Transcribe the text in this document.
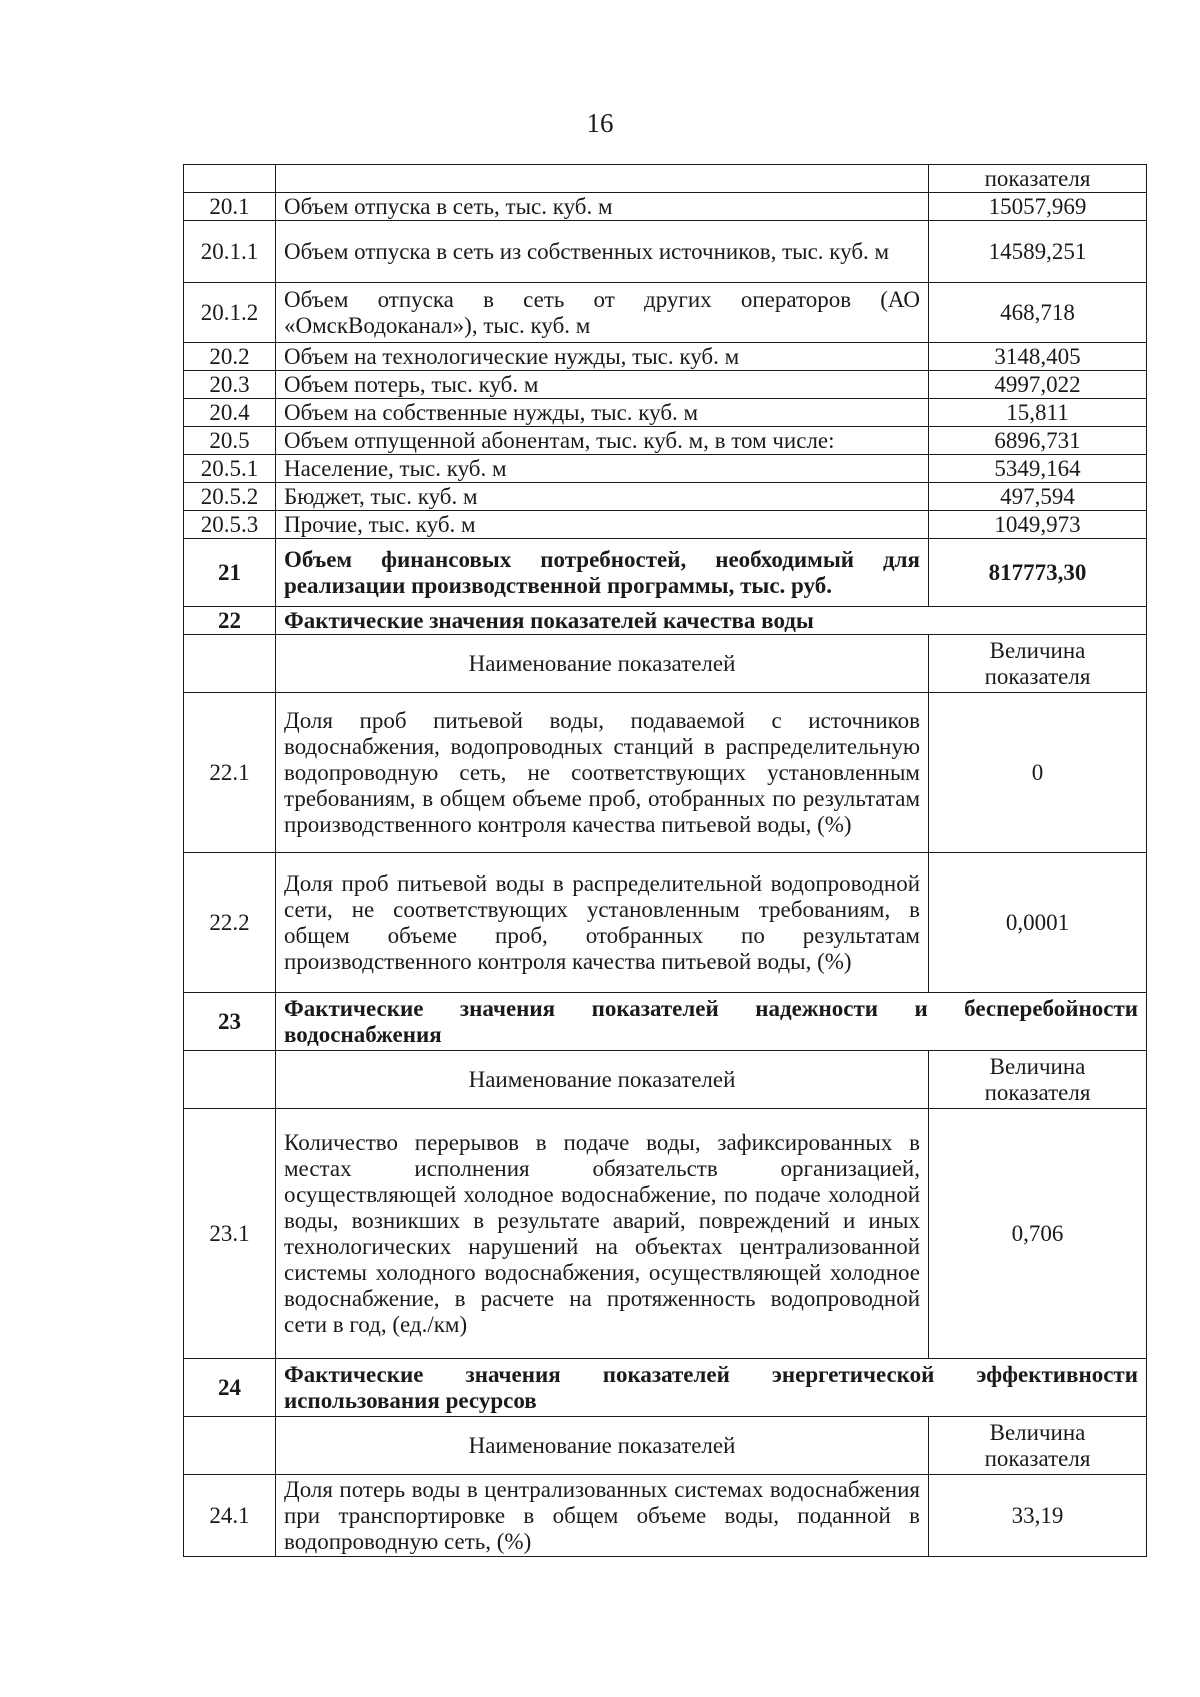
16
		показателя
20.1	Объем отпуска в сеть, тыс. куб. м	15057,969
20.1.1	Объем отпуска в сеть из собственных источников, тыс. куб. м	14589,251
20.1.2	Объем отпуска в сеть от других операторов (АО «ОмскВодоканал»), тыс. куб. м	468,718
20.2	Объем на технологические нужды, тыс. куб. м	3148,405
20.3	Объем потерь, тыс. куб. м	4997,022
20.4	Объем на собственные нужды, тыс. куб. м	15,811
20.5	Объем отпущенной абонентам, тыс. куб. м, в том числе:	6896,731
20.5.1	Население, тыс. куб. м	5349,164
20.5.2	Бюджет, тыс. куб. м	497,594
20.5.3	Прочие, тыс. куб. м	1049,973
21	Объем финансовых потребностей, необходимый для реализации производственной программы, тыс. руб.	817773,30
22	Фактические значения показателей качества воды	
	Наименование показателей	Величина показателя
22.1	Доля проб питьевой воды, подаваемой с источников водоснабжения, водопроводных станций в распределительную водопроводную сеть, не соответствующих установленным требованиям, в общем объеме проб, отобранных по результатам производственного контроля качества питьевой воды, (%)	0
22.2	Доля проб питьевой воды в распределительной водопроводной сети, не соответствующих установленным требованиям, в общем объеме проб, отобранных по результатам производственного контроля качества питьевой воды, (%)	0,0001
23	Фактические значения показателей надежности и бесперебойности водоснабжения	
	Наименование показателей	Величина показателя
23.1	Количество перерывов в подаче воды, зафиксированных в местах исполнения обязательств организацией, осуществляющей холодное водоснабжение, по подаче холодной воды, возникших в результате аварий, повреждений и иных технологических нарушений на объектах централизованной системы холодного водоснабжения, осуществляющей холодное водоснабжение, в расчете на протяженность водопроводной сети в год, (ед./км)	0,706
24	Фактические значения показателей энергетической эффективности использования ресурсов	
	Наименование показателей	Величина показателя
24.1	Доля потерь воды в централизованных системах водоснабжения при транспортировке в общем объеме воды, поданной в водопроводную сеть, (%)	33,19
